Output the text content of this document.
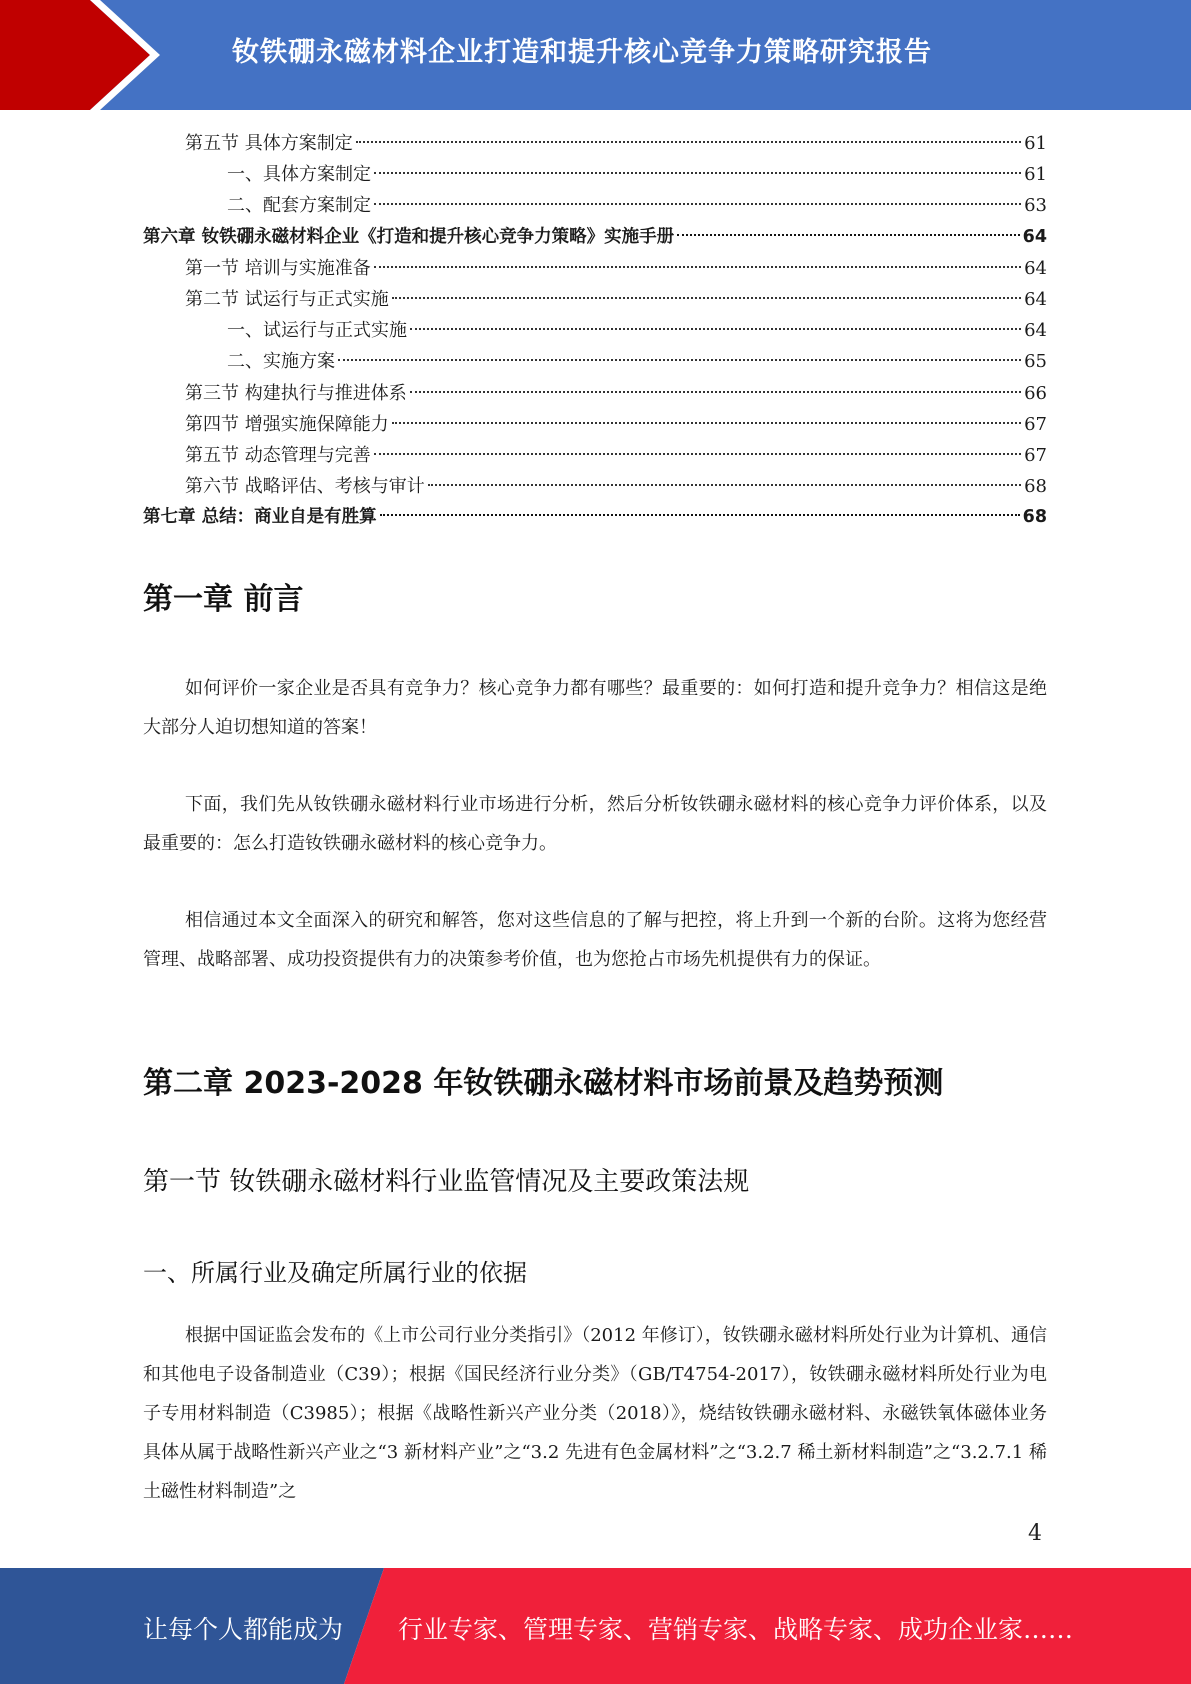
钕铁硼永磁材料企业打造和提升核心竞争力策略研究报告
第五节 具体方案制定	61
一、具体方案制定	61
二、配套方案制定	63
第六章 钕铁硼永磁材料企业《打造和提升核心竞争力策略》实施手册	64
第一节 培训与实施准备	64
第二节 试运行与正式实施	64
一、试运行与正式实施	64
二、实施方案	65
第三节 构建执行与推进体系	66
第四节 增强实施保障能力	67
第五节 动态管理与完善	67
第六节 战略评估、考核与审计	68
第七章 总结：商业自是有胜算	68
第一章 前言

如何评价一家企业是否具有竞争力？核心竞争力都有哪些？最重要的：如何打造和提升竞争力？相信这是绝大部分人迫切想知道的答案！

下面，我们先从钕铁硼永磁材料行业市场进行分析，然后分析钕铁硼永磁材料的核心竞争力评价体系，以及最重要的：怎么打造钕铁硼永磁材料的核心竞争力。

相信通过本文全面深入的研究和解答，您对这些信息的了解与把控，将上升到一个新的台阶。这将为您经营管理、战略部署、成功投资提供有力的决策参考价值，也为您抢占市场先机提供有力的保证。

第二章 2023-2028 年钕铁硼永磁材料市场前景及趋势预测
第一节 钕铁硼永磁材料行业监管情况及主要政策法规
一、所属行业及确定所属行业的依据

根据中国证监会发布的《上市公司行业分类指引》（2012 年修订），钕铁硼永磁材料所处行业为计算机、通信和其他电子设备制造业（C39）；根据《国民经济行业分类》（GB/T4754-2017），钕铁硼永磁材料所处行业为电子专用材料制造（C3985）；根据《战略性新兴产业分类（2018）》，烧结钕铁硼永磁材料、永磁铁氧体磁体业务具体从属于战略性新兴产业之“3 新材料产业”之“3.2 先进有色金属材料”之“3.2.7 稀土新材料制造”之“3.2.7.1 稀土磁性材料制造”之

4
让每个人都能成为 行业专家、管理专家、营销专家、战略专家、成功企业家……
